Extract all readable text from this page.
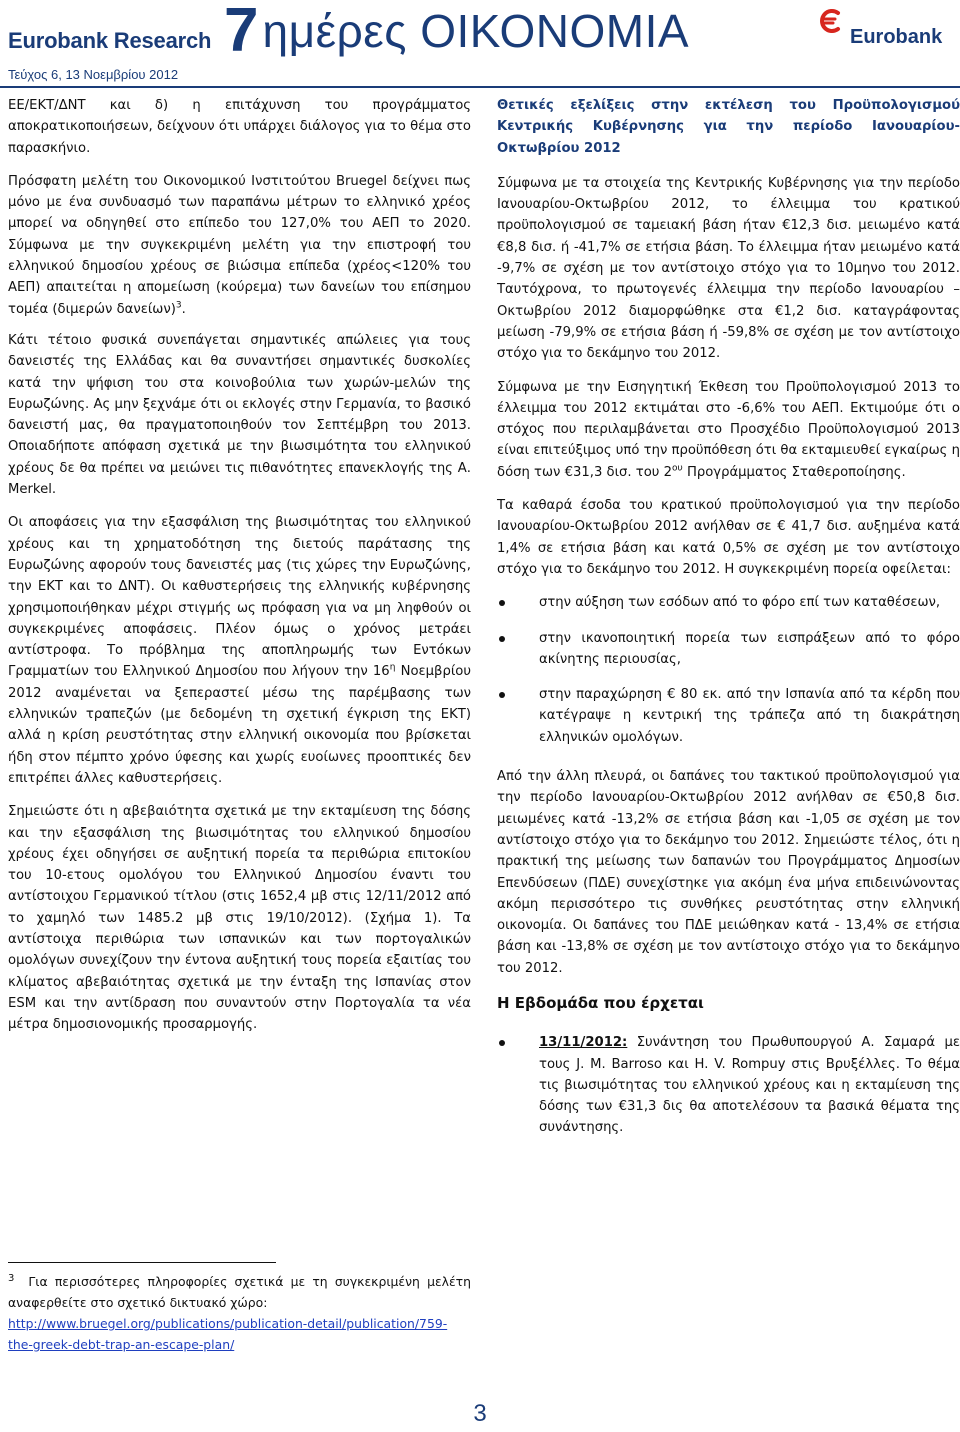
Eurobank Research
Τεύχος 6, 13 Νοεμβρίου 2012
7ημέρες ΟΙΚΟΝΟΜΙΑ	Eurobank

ΕΕ/ΕΚΤ/ΔΝΤ και δ) η επιτάχυνση του προγράμματος αποκρατικοποιήσεων, δείχνουν ότι υπάρχει διάλογος για το θέμα στο παρασκήνιο.

Πρόσφατη μελέτη του Οικονομικού Ινστιτούτου Bruegel δείχνει πως μόνο με ένα συνδυασμό των παραπάνω μέτρων το ελληνικό χρέος μπορεί να οδηγηθεί στο επίπεδο του 127,0% του ΑΕΠ το 2020. Σύμφωνα με την συγκεκριμένη μελέτη για την επιστροφή του ελληνικού δημοσίου χρέους σε βιώσιμα επίπεδα (χρέος<120% του ΑΕΠ) απαιτείται η απομείωση (κούρεμα) των δανείων του επίσημου τομέα (διμερών δανείων)$^3$.

Κάτι τέτοιο φυσικά συνεπάγεται σημαντικές απώλειες για τους δανειστές της Ελλάδας και θα συναντήσει σημαντικές δυσκολίες κατά την ψήφιση του στα κοινοβούλια των χωρών-μελών της Ευρωζώνης. Ας μην ξεχνάμε ότι οι εκλογές στην Γερμανία, το βασικό δανειστή μας, θα πραγματοποιηθούν τον Σεπτέμβρη του 2013. Οποιαδήποτε απόφαση σχετικά με την βιωσιμότητα του ελληνικού χρέους δε θα πρέπει να μειώνει τις πιθανότητες επανεκλογής της Α. Merkel.

Οι αποφάσεις για την εξασφάλιση της βιωσιμότητας του ελληνικού χρέους και τη χρηματοδότηση της διετούς παράτασης της Ευρωζώνης αφορούν τους δανειστές μας (τις χώρες την Ευρωζώνης, την ΕΚΤ και το ΔΝΤ). Οι καθυστερήσεις της ελληνικής κυβέρνησης χρησιμοποιήθηκαν μέχρι στιγμής ως πρόφαση για να μη ληφθούν οι συγκεκριμένες αποφάσεις. Πλέον όμως ο χρόνος μετράει αντίστροφα. Το πρόβλημα της αποπληρωμής των Εντόκων Γραμματίων του Ελληνικού Δημοσίου που λήγουν την $16^\eta$ Νοεμβρίου 2012 αναμένεται να ξεπεραστεί μέσω της παρέμβασης των ελληνικών τραπεζών (με δεδομένη τη σχετική έγκριση της ΕΚΤ) αλλά η κρίση ρευστότητας στην ελληνική οικονομία που βρίσκεται ήδη στον πέμπτο χρόνο ύφεσης και χωρίς ευοίωνες προοπτικές δεν επιτρέπει άλλες καθυστερήσεις.

Σημειώστε ότι η αβεβαιότητα σχετικά με την εκταμίευση της δόσης και την εξασφάλιση της βιωσιμότητας του ελληνικού δημοσίου χρέους έχει οδηγήσει σε αυξητική πορεία τα περιθώρια επιτοκίου του 10-ετους ομολόγου του Ελληνικού Δημοσίου έναντι του αντίστοιχου Γερμανικού τίτλου (στις 1652,4 μβ στις 12/11/2012 από το χαμηλό των 1485.2 μβ στις 19/10/2012). (Σχήμα 1). Τα αντίστοιχα περιθώρια των ισπανικών και των πορτογαλικών ομολόγων συνεχίζουν την έντονα αυξητική τους πορεία εξαιτίας του κλίματος αβεβαιότητας σχετικά με την ένταξη της Ισπανίας στον ESM και την αντίδραση που συναντούν στην Πορτογαλία τα νέα μέτρα δημοσιονομικής προσαρμογής.

Θετικές εξελίξεις στην εκτέλεση του Προϋπολογισμού Κεντρικής Κυβέρνησης για την περίοδο Ιανουαρίου-Οκτωβρίου 2012

Σύμφωνα με τα στοιχεία της Κεντρικής Κυβέρνησης για την περίοδο Ιανουαρίου-Οκτωβρίου 2012, το έλλειμμα του κρατικού προϋπολογισμού σε ταμειακή βάση ήταν €12,3 δισ. μειωμένο κατά €8,8 δισ. ή -41,7% σε ετήσια βάση. Το έλλειμμα ήταν μειωμένο κατά -9,7% σε σχέση με τον αντίστοιχο στόχο για το 10μηνο του 2012. Ταυτόχρονα, το πρωτογενές έλλειμμα την περίοδο Ιανουαρίου – Οκτωβρίου 2012 διαμορφώθηκε στα €1,2 δισ. καταγράφοντας μείωση -79,9% σε ετήσια βάση ή -59,8% σε σχέση με τον αντίστοιχο στόχο για το δεκάμηνο του 2012.

Σύμφωνα με την Εισηγητική Έκθεση του Προϋπολογισμού 2013 το έλλειμμα του 2012 εκτιμάται στο -6,6% του ΑΕΠ. Εκτιμούμε ότι ο στόχος που περιλαμβάνεται στο Προσχέδιο Προϋπολογισμού 2013 είναι επιτεύξιμος υπό την προϋπόθεση ότι θα εκταμιευθεί εγκαίρως η δόση των €31,3 δισ. του $2^{o\upsilon}$ Προγράμματος Σταθεροποίησης.

Τα καθαρά έσοδα του κρατικού προϋπολογισμού για την περίοδο Ιανουαρίου-Οκτωβρίου 2012 ανήλθαν σε € 41,7 δισ. αυξημένα κατά 1,4% σε ετήσια βάση και κατά 0,5% σε σχέση με τον αντίστοιχο στόχο για το δεκάμηνο του 2012. Η συγκεκριμένη πορεία οφείλεται:

στην αύξηση των εσόδων από το φόρο επί των καταθέσεων,
στην ικανοποιητική πορεία των εισπράξεων από το φόρο ακίνητης περιουσίας,
στην παραχώρηση € 80 εκ. από την Ισπανία από τα κέρδη που κατέγραψε η κεντρική της τράπεζα από τη διακράτηση ελληνικών ομολόγων.

Από την άλλη πλευρά, οι δαπάνες του τακτικού προϋπολογισμού για την περίοδο Ιανουαρίου-Οκτωβρίου 2012 ανήλθαν σε €50,8 δισ. μειωμένες κατά -13,2% σε ετήσια βάση και -1,05 σε σχέση με τον αντίστοιχο στόχο για το δεκάμηνο του 2012. Σημειώστε τέλος, ότι η πρακτική της μείωσης των δαπανών του Προγράμματος Δημοσίων Επενδύσεων (ΠΔΕ) συνεχίστηκε για ακόμη ένα μήνα επιδεινώνοντας ακόμη περισσότερο τις συνθήκες ρευστότητας στην ελληνική οικονομία. Οι δαπάνες του ΠΔΕ μειώθηκαν κατά - 13,4% σε ετήσια βάση και -13,8% σε σχέση με τον αντίστοιχο στόχο για το δεκάμηνο του 2012.

Η Εβδομάδα που έρχεται
13/11/2012: Συνάντηση του Πρωθυπουργού Α. Σαμαρά με τους J. M. Barroso και H. V. Rompuy στις Βρυξέλλες. Το θέμα τις βιωσιμότητας του ελληνικού χρέους και η εκταμίευση της δόσης των €31,3 δις θα αποτελέσουν τα βασικά θέματα της συνάντησης.
$^3$ Για περισσότερες πληροφορίες σχετικά με τη συγκεκριμένη μελέτη αναφερθείτε στο σχετικό δικτυακό χώρο:
http://www.bruegel.org/publications/publication-detail/publication/759-the-greek-debt-trap-an-escape-plan/
3
